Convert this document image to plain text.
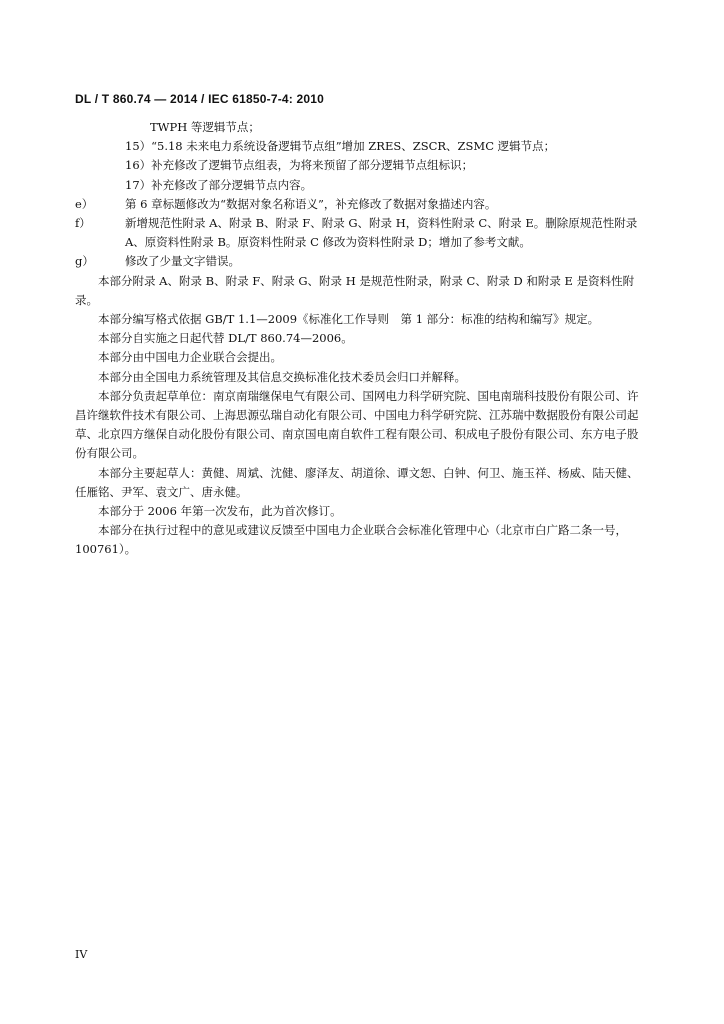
DL / T 860.74 — 2014 / IEC 61850-7-4: 2010
TWPH 等逻辑节点；
15）“5.18 未来电力系统设备逻辑节点组”增加 ZRES、ZSCR、ZSMC 逻辑节点；
16）补充修改了逻辑节点组表，为将来预留了部分逻辑节点组标识；
17）补充修改了部分逻辑节点内容。
e）	第 6 章标题修改为“数据对象名称语义”，补充修改了数据对象描述内容。
f）	新增规范性附录 A、附录 B、附录 F、附录 G、附录 H，资料性附录 C、附录 E。删除原规范性附录 A、原资料性附录 B。原资料性附录 C 修改为资料性附录 D；增加了参考文献。
g）	修改了少量文字错误。
本部分附录 A、附录 B、附录 F、附录 G、附录 H 是规范性附录，附录 C、附录 D 和附录 E 是资料性附录。
本部分编写格式依据 GB/T 1.1—2009《标准化工作导则　第 1 部分：标准的结构和编写》规定。
本部分自实施之日起代替 DL/T 860.74—2006。
本部分由中国电力企业联合会提出。
本部分由全国电力系统管理及其信息交换标准化技术委员会归口并解释。
本部分负责起草单位：南京南瑞继保电气有限公司、国网电力科学研究院、国电南瑞科技股份有限公司、许昌许继软件技术有限公司、上海思源弘瑞自动化有限公司、中国电力科学研究院、江苏瑞中数据股份有限公司起草、北京四方继保自动化股份有限公司、南京国电南自软件工程有限公司、积成电子股份有限公司、东方电子股份有限公司。
本部分主要起草人：黄健、周斌、沈健、廖泽友、胡道徐、谭文恕、白钟、何卫、施玉祥、杨威、陆天健、任雁铭、尹军、袁文广、唐永健。
本部分于 2006 年第一次发布，此为首次修订。
本部分在执行过程中的意见或建议反馈至中国电力企业联合会标准化管理中心（北京市白广路二条一号，100761）。
IV
